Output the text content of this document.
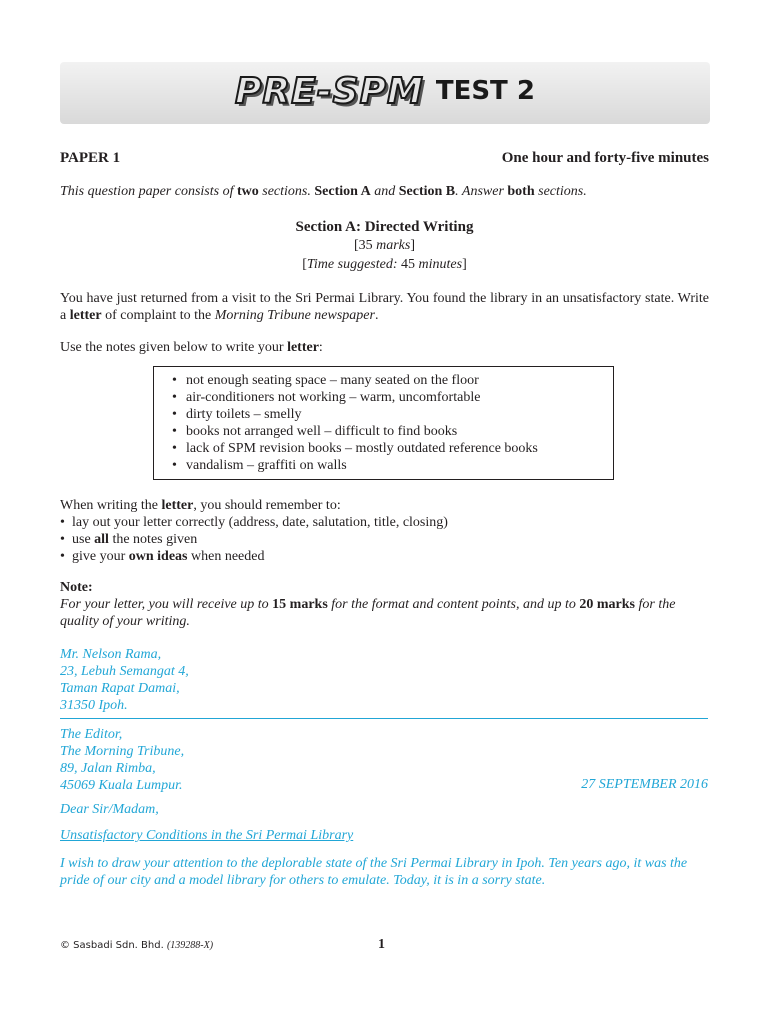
PRE-SPM TEST 2
PAPER 1	One hour and forty-five minutes
This question paper consists of two sections. Section A and Section B. Answer both sections.
Section A: Directed Writing
[35 marks]
[Time suggested: 45 minutes]
You have just returned from a visit to the Sri Permai Library. You found the library in an unsatisfactory state. Write a letter of complaint to the Morning Tribune newspaper.
Use the notes given below to write your letter:
• not enough seating space – many seated on the floor
• air-conditioners not working – warm, uncomfortable
• dirty toilets – smelly
• books not arranged well – difficult to find books
• lack of SPM revision books – mostly outdated reference books
• vandalism – graffiti on walls
When writing the letter, you should remember to:
• lay out your letter correctly (address, date, salutation, title, closing)
• use all the notes given
• give your own ideas when needed
Note:
For your letter, you will receive up to 15 marks for the format and content points, and up to 20 marks for the quality of your writing.
Mr. Nelson Rama,
23, Lebuh Semangat 4,
Taman Rapat Damai,
31350 Ipoh.
The Editor,
The Morning Tribune,
89, Jalan Rimba,
45069 Kuala Lumpur.	27 SEPTEMBER 2016
Dear Sir/Madam,
Unsatisfactory Conditions in the Sri Permai Library
I wish to draw your attention to the deplorable state of the Sri Permai Library in Ipoh. Ten years ago, it was the pride of our city and a model library for others to emulate. Today, it is in a sorry state.
© Sasbadi Sdn. Bhd. (139288-X)	1
